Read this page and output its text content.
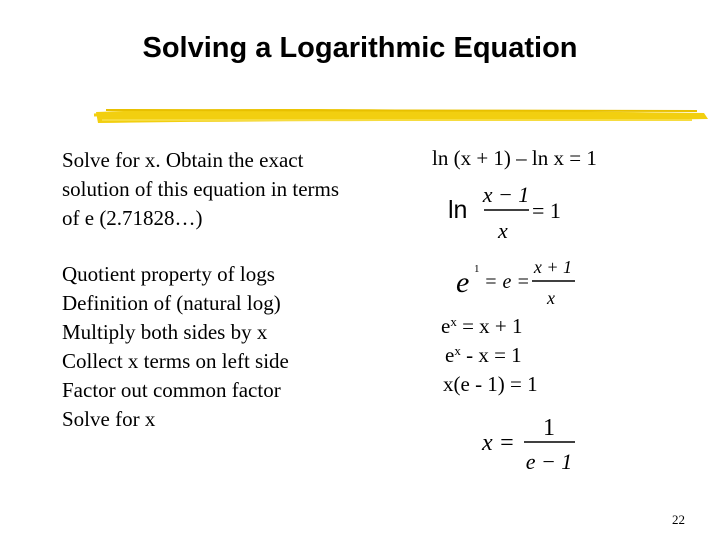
Solving a Logarithmic Equation
Solve for x. Obtain the exact
solution of this equation in terms
of e (2.71828…)
Quotient property of logs
Definition of (natural log)
Multiply both sides by x
Collect x terms on left side
Factor out common factor
Solve for x
ln (x + 1) – ln x = 1
ln
x − 1
x
= 1
e 1
= e =
x + 1
x
$e^x = x + 1$
$e^x - x = 1$
x(e - 1) = 1
x =
1
e − 1
22
